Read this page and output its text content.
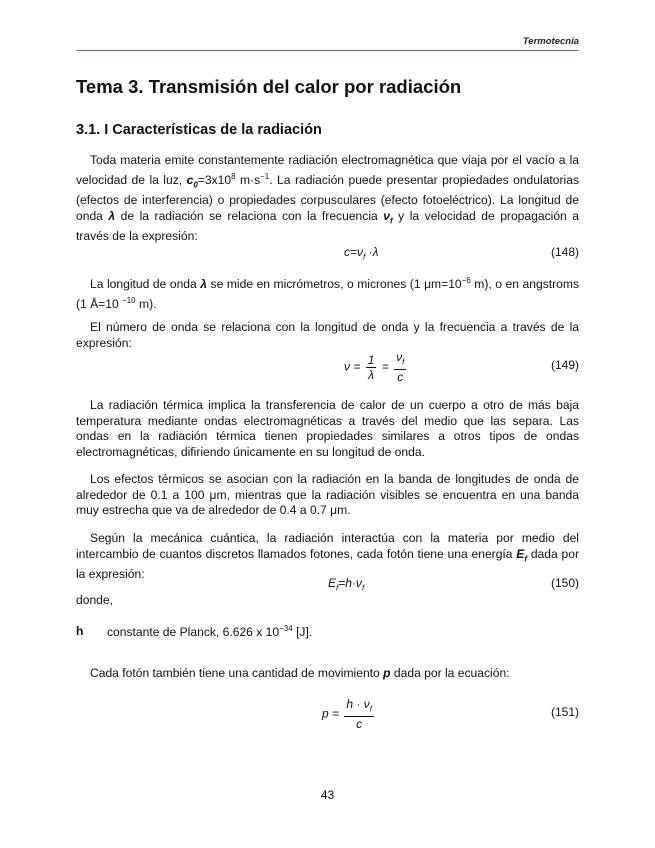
Termotecnia
Tema 3. Transmisión del calor por radiación
3.1. I Características de la radiación

Toda materia emite constantemente radiación electromagnética que viaja por el vacío a la velocidad de la luz, $c_0=3x10^8$ $m\cdot s^{-1}$. La radiación puede presentar propiedades ondulatorias (efectos de interferencia) o propiedades corpusculares (efecto fotoeléctrico). La longitud de onda λ de la radiación se relaciona con la frecuencia $\nu_f$ y la velocidad de propagación a través de la expresión:

$c=\nu_f \cdot\lambda$	(148)

La longitud de onda λ se mide en micrómetros, o micrones (1 $\mu m=10^{-6}$ m), o en angstroms (1 Å=10 $^{-10}$ m).

El número de onda se relaciona con la longitud de onda y la frecuencia a través de la expresión:

$\nu = \frac{1}{\lambda} = \frac{\nu_f}{c}$	(149)

La radiación térmica implica la transferencia de calor de un cuerpo a otro de más baja temperatura mediante ondas electromagnéticas a través del medio que las separa. Las ondas en la radiación térmica tienen propiedades similares a otros tipos de ondas electromagnéticas, difiriendo únicamente en su longitud de onda.

Los efectos térmicos se asocian con la radiación en la banda de longitudes de onda de alrededor de 0.1 a 100 μm, mientras que la radiación visibles se encuentra en una banda muy estrecha que va de alrededor de 0.4 a 0.7 μm.

Según la mecánica cuántica, la radiación interactúa con la materia por medio del intercambio de cuantos discretos llamados fotones, cada fotón tiene una energía $E_f$ dada por la expresión:

$E_f=h\cdot\nu_f$	(150)

donde,

h constante de Planck, 6.626 x $10^{-34}$ [J].

Cada fotón también tiene una cantidad de movimiento p dada por la ecuación:

$p = \frac{h \cdot \nu_f}{c}$	(151)
43
